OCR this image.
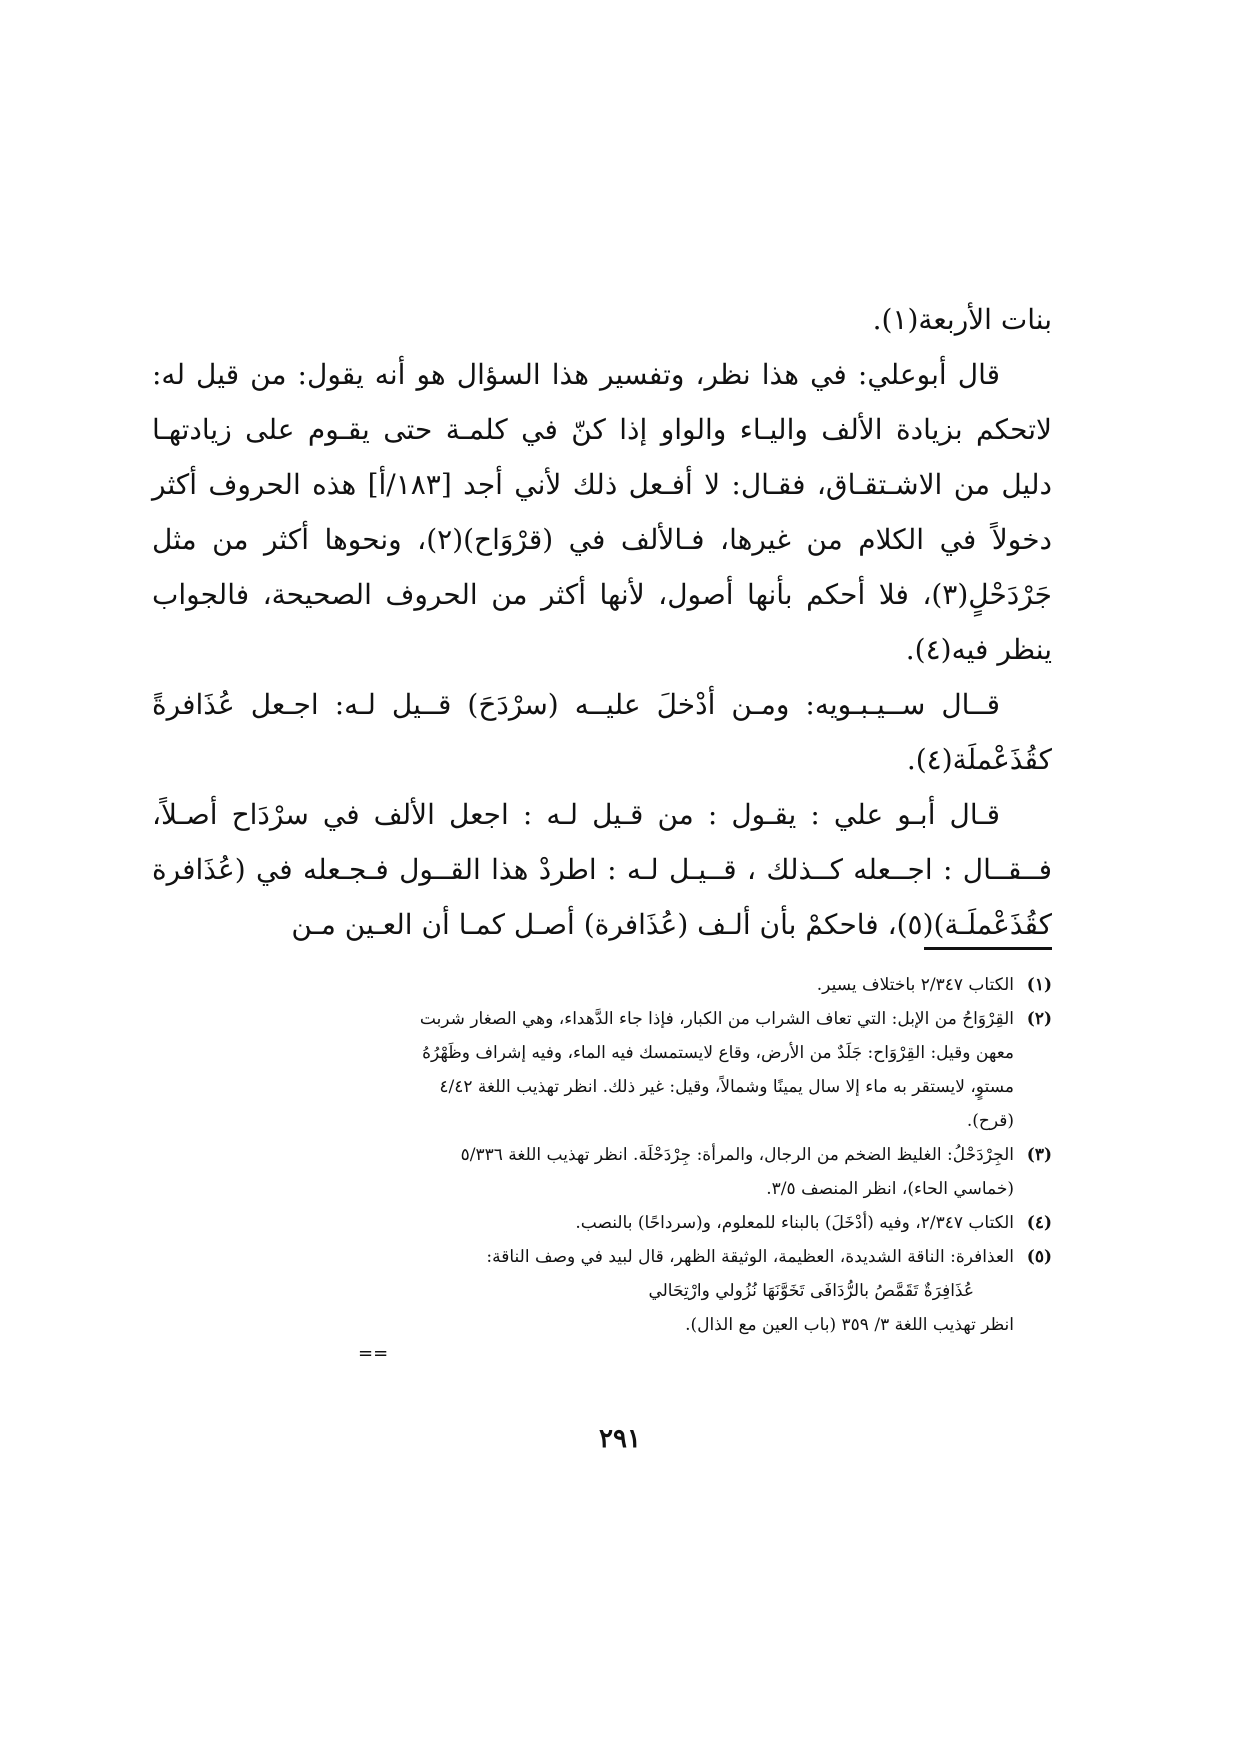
بنات الأربعة(١).

قال أبوعلي: في هذا نظر، وتفسير هذا السؤال هو أنه يقول: من قيل له: لاتحكم بزيادة الألف واليـاء والواو إذا كنّ في كلمـة حتى يقـوم على زيادتهـا دليل من الاشـتقـاق، فقـال: لا أفـعل ذلك لأني أجد [١٨٣/أ] هذه الحروف أكثر دخولاً في الكلام من غيرها، فـالألف في (قرْوَاح)(٢)، ونحوها أكثر من مثل جَرْدَحْلٍ(٣)، فلا أحكم بأنها أصول، لأنها أكثر من الحروف الصحيحة، فالجواب ينظر فيه(٤).

قــال ســيـبـويه: ومـن أدْخلَ عليــه (سرْدَحَ) قــيل لـه: اجـعل عُذَافرةً كقُذَعْملَة(٤).

قـال أبـو علي : يقـول : من قـيل لـه : اجعل الألف في سرْدَاح أصـلاً، فــقــال : اجــعله كــذلك ، قــيـل لـه : اطردْ هذا القــول فـجـعله في (عُذَافرة كقُذَعْملَـة)(٥)، فاحكمْ بأن ألـف (عُذَافرة) أصـل كمـا أن العـين مـن

(١)
الكتاب ٢/٣٤٧ باختلاف يسير.
(٢)
القِرْوَاحُ من الإبل: التي تعاف الشراب من الكبار، فإذا جاء الدَّهداء، وهي الصغار شربت
معهن وقيل: القِرْوَاح: جَلَدٌ من الأرض، وقاع لايستمسك فيه الماء، وفيه إشراف وظَهْرُهُ
مستوٍ، لايستقر به ماء إلا سال يمينًا وشمالاً، وقيل: غير ذلك. انظر تهذيب اللغة ٤/٤٢
(قرح).
(٣)
الجِرْدَحْلُ: الغليظ الضخم من الرجال، والمرأة: جِرْدَحْلَة. انظر تهذيب اللغة ٥/٣٣٦
(خماسي الحاء)، انظر المنصف ٣/٥.
(٤)
الكتاب ٢/٣٤٧، وفيه (أدْخَلَ) بالبناء للمعلوم، و(سرداحًا) بالنصب.
(٥)
العذافرة: الناقة الشديدة، العظيمة، الوثيقة الظهر، قال لبيد في وصف الناقة:
عُذَافِرَةٌ تَقَمَّصُ بالرُّدَافَى تَخَوَّنَهَا نُزُولي وارْتِحَالي
انظر تهذيب اللغة ٣/ ٣٥٩ (باب العين مع الذال).
==
٢٩١
